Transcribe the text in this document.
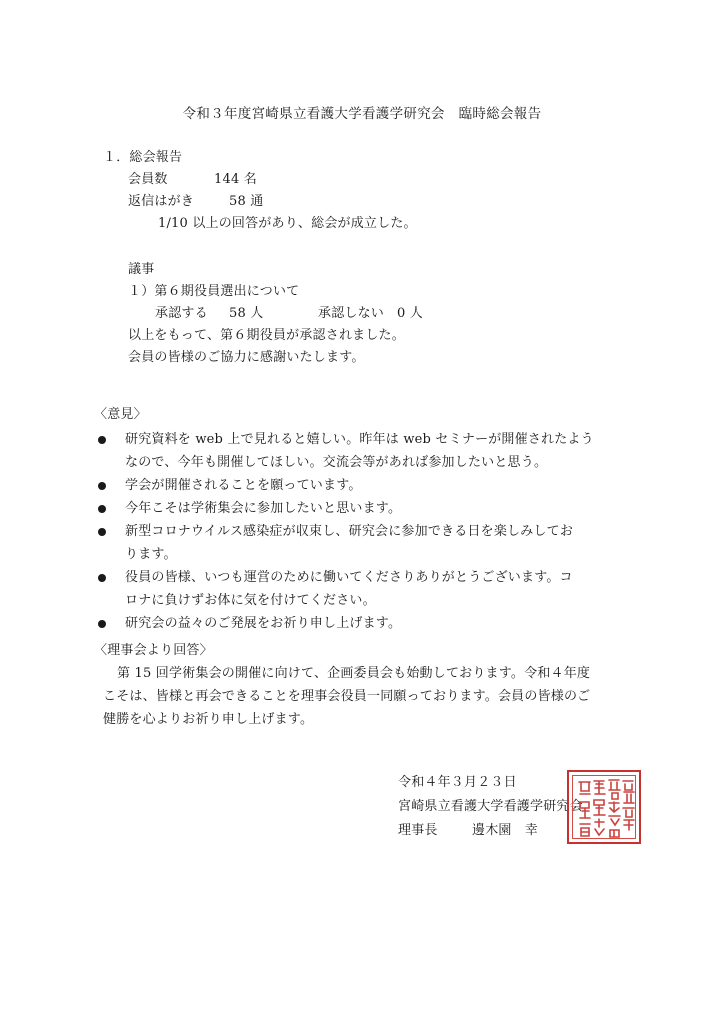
令和３年度宮崎県立看護大学看護学研究会　臨時総会報告
１．総会報告
会員数	144 名
返信はがき	58 通
1/10 以上の回答があり、総会が成立した。
議事
１）第６期役員選出について
承認する 58 人	承認しない 0 人
以上をもって、第６期役員が承認されました。
会員の皆様のご協力に感謝いたします。
〈意見〉
研究資料を web 上で見れると嬉しい。昨年は web セミナーが開催されたよう
なので、今年も開催してほしい。交流会等があれば参加したいと思う。
学会が開催されることを願っています。
今年こそは学術集会に参加したいと思います。
新型コロナウイルス感染症が収束し、研究会に参加できる日を楽しみしてお
ります。
役員の皆様、いつも運営のために働いてくださりありがとうございます。コ
ロナに負けずお体に気を付けてください。
研究会の益々のご発展をお祈り申し上げます。
〈理事会より回答〉
第 15 回学術集会の開催に向けて、企画委員会も始動しております。令和４年度
こそは、皆様と再会できることを理事会役員一同願っております。会員の皆様のご
健勝を心よりお祈り申し上げます。
令和４年３月２３日
宮崎県立看護大学看護学研究会
理事長	邊木園　幸
